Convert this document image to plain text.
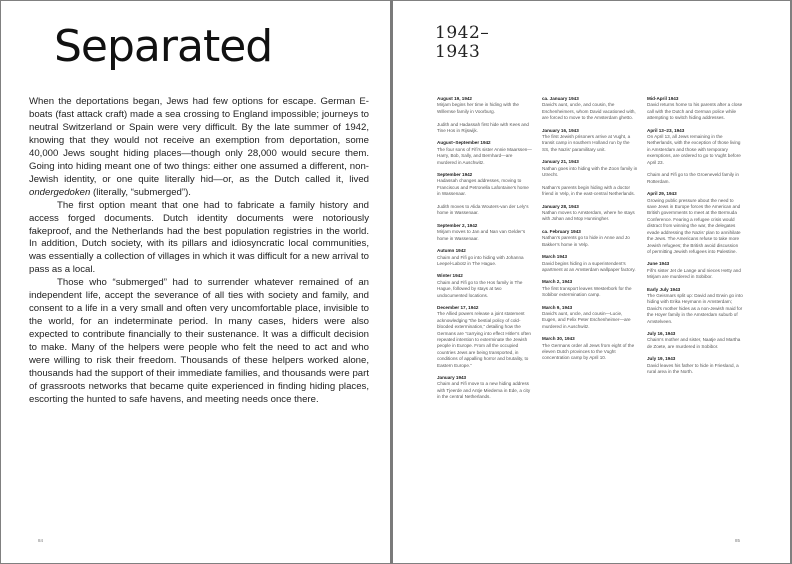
Separated

When the deportations began, Jews had few options for escape. German E-boats (fast attack craft) made a sea crossing to England impossible; journeys to neutral Switzerland or Spain were very difficult. By the late summer of 1942, knowing that they would not receive an exemption from deportation, some 40,000 Jews sought hiding places—though only 28,000 would secure them. Going into hiding meant one of two things: either one assumed a different, non-Jewish identity, or one quite literally hid—or, as the Dutch called it, lived ondergedoken (literally, “submerged”).

The first option meant that one had to fabricate a family history and access forged documents. Dutch identity documents were notoriously fakeproof, and the Netherlands had the best population registries in the world. In addition, Dutch society, with its pillars and idiosyncratic local communities, was essentially a collection of villages in which it was difficult for a new arrival to pass as a local.

Those who “submerged” had to surrender whatever remained of an independent life, accept the severance of all ties with society and family, and consent to a life in a very small and often very uncomfortable place, invisible to the world, for an indeterminate period. In many cases, hiders were also expected to contribute financially to their sustenance. It was a difficult decision to make. Many of the helpers were people who felt the need to act and who were willing to risk their freedom. Thousands of these helpers worked alone, thousands had the support of their immediate families, and thousands were part of grassroots networks that became quite experienced in finding hiding places, escorting the hunted to safe havens, and meeting needs once there.

84
1942–
1943
August 19, 1942
Mirjam begins her time in hiding with the Willemse family in Voorburg.
Judith and Hadassah first hide with Kees and Tine Hos in Rijswijk.
August–September 1942
The four sons of Fifi’s sister Annie Maarssen—Harry, Bob, Sally, and Bernhard—are murdered in Auschwitz.
September 1942
Hadassah changes addresses, moving to Franciscus and Petronella Lafontaine’s home in Wassenaar.
Judith moves to Alida Wouters-van der Lely’s home in Wassenaar.
September 2, 1942
Mirjam moves to Jan and Nan van Gelder’s home in Wassenaar.
Autumn 1942
Chaim and Fifi go into hiding with Johanna Leepel-Labotz in The Hague.
Winter 1942
Chaim and Fifi go to the Hos family in The Hague, followed by stays at two undocumented locations.
December 17, 1942
The Allied powers release a joint statement acknowledging “the bestial policy of cold-blooded extermination,” detailing how the Germans are “carrying into effect Hitler’s often repeated intention to exterminate the Jewish people in Europe. From all the occupied countries Jews are being transported, in conditions of appalling horror and brutality, to Eastern Europe.”
January 1943
Chaim and Fifi move to a new hiding address with Tjeerde and Antje Miedema in Ede, a city in the central Netherlands.
ca. January 1943
David’s aunt, uncle, and cousin, the Eschenheimers, whom David vacationed with, are forced to move to the Amsterdam ghetto.
January 16, 1943
The first Jewish prisoners arrive at Vught, a transit camp in southern Holland run by the SS, the Nazis’ paramilitary unit.
January 21, 1943
Nathan goes into hiding with the Zoon family in Utrecht.
Nathan’s parents begin hiding with a doctor friend in Velp, in the east-central Netherlands.
January 28, 1943
Nathan moves to Amsterdam, where he stays with Johan and Mop Hunningher.
ca. February 1943
Nathan’s parents go to hide in Anne and Jo Bakker’s home in Velp.
March 1943
David begins hiding in a superintendent’s apartment at an Amsterdam wallpaper factory.
March 2, 1943
The first transport leaves Westerbork for the Sobibor extermination camp.
March 9, 1943
David’s aunt, uncle, and cousin—Lucie, Eugen, and Felix Peter Eschenheimer—are murdered in Auschwitz.
March 30, 1943
The Germans order all Jews from eight of the eleven Dutch provinces to the Vught concentration camp by April 10.
Mid-April 1943
David returns home to his parents after a close call with the Dutch and German police while attempting to switch hiding addresses.
April 13–23, 1943
On April 13, all Jews remaining in the Netherlands, with the exception of those living in Amsterdam and those with temporary exemptions, are ordered to go to Vught before April 23.
Chaim and Fifi go to the Groeneveld family in Rotterdam.
April 29, 1943
Growing public pressure about the need to save Jews in Europe forces the American and British governments to meet at the Bermuda Conference. Fearing a refugee crisis would distract from winning the war, the delegates evade addressing the Nazis’ plan to annihilate the Jews. The Americans refuse to take more Jewish refugees; the British avoid discussion of permitting Jewish refugees into Palestine.
June 1943
Fifi’s sister Jet de Lange and nieces Hetty and Mirjam are murdered in Sobibor.
Early July 1943
The Geismars split up: David and Erwin go into hiding with Erika Heymann in Amsterdam; David’s mother hides as a non-Jewish maid for the Hoyer family in the Amsterdam suburb of Amstelveen.
July 16, 1943
Chaim’s mother and sister, Naatje and Martha de Zoete, are murdered in Sobibor.
July 19, 1943
David leaves his father to hide in Friesland, a rural area in the North.
85
